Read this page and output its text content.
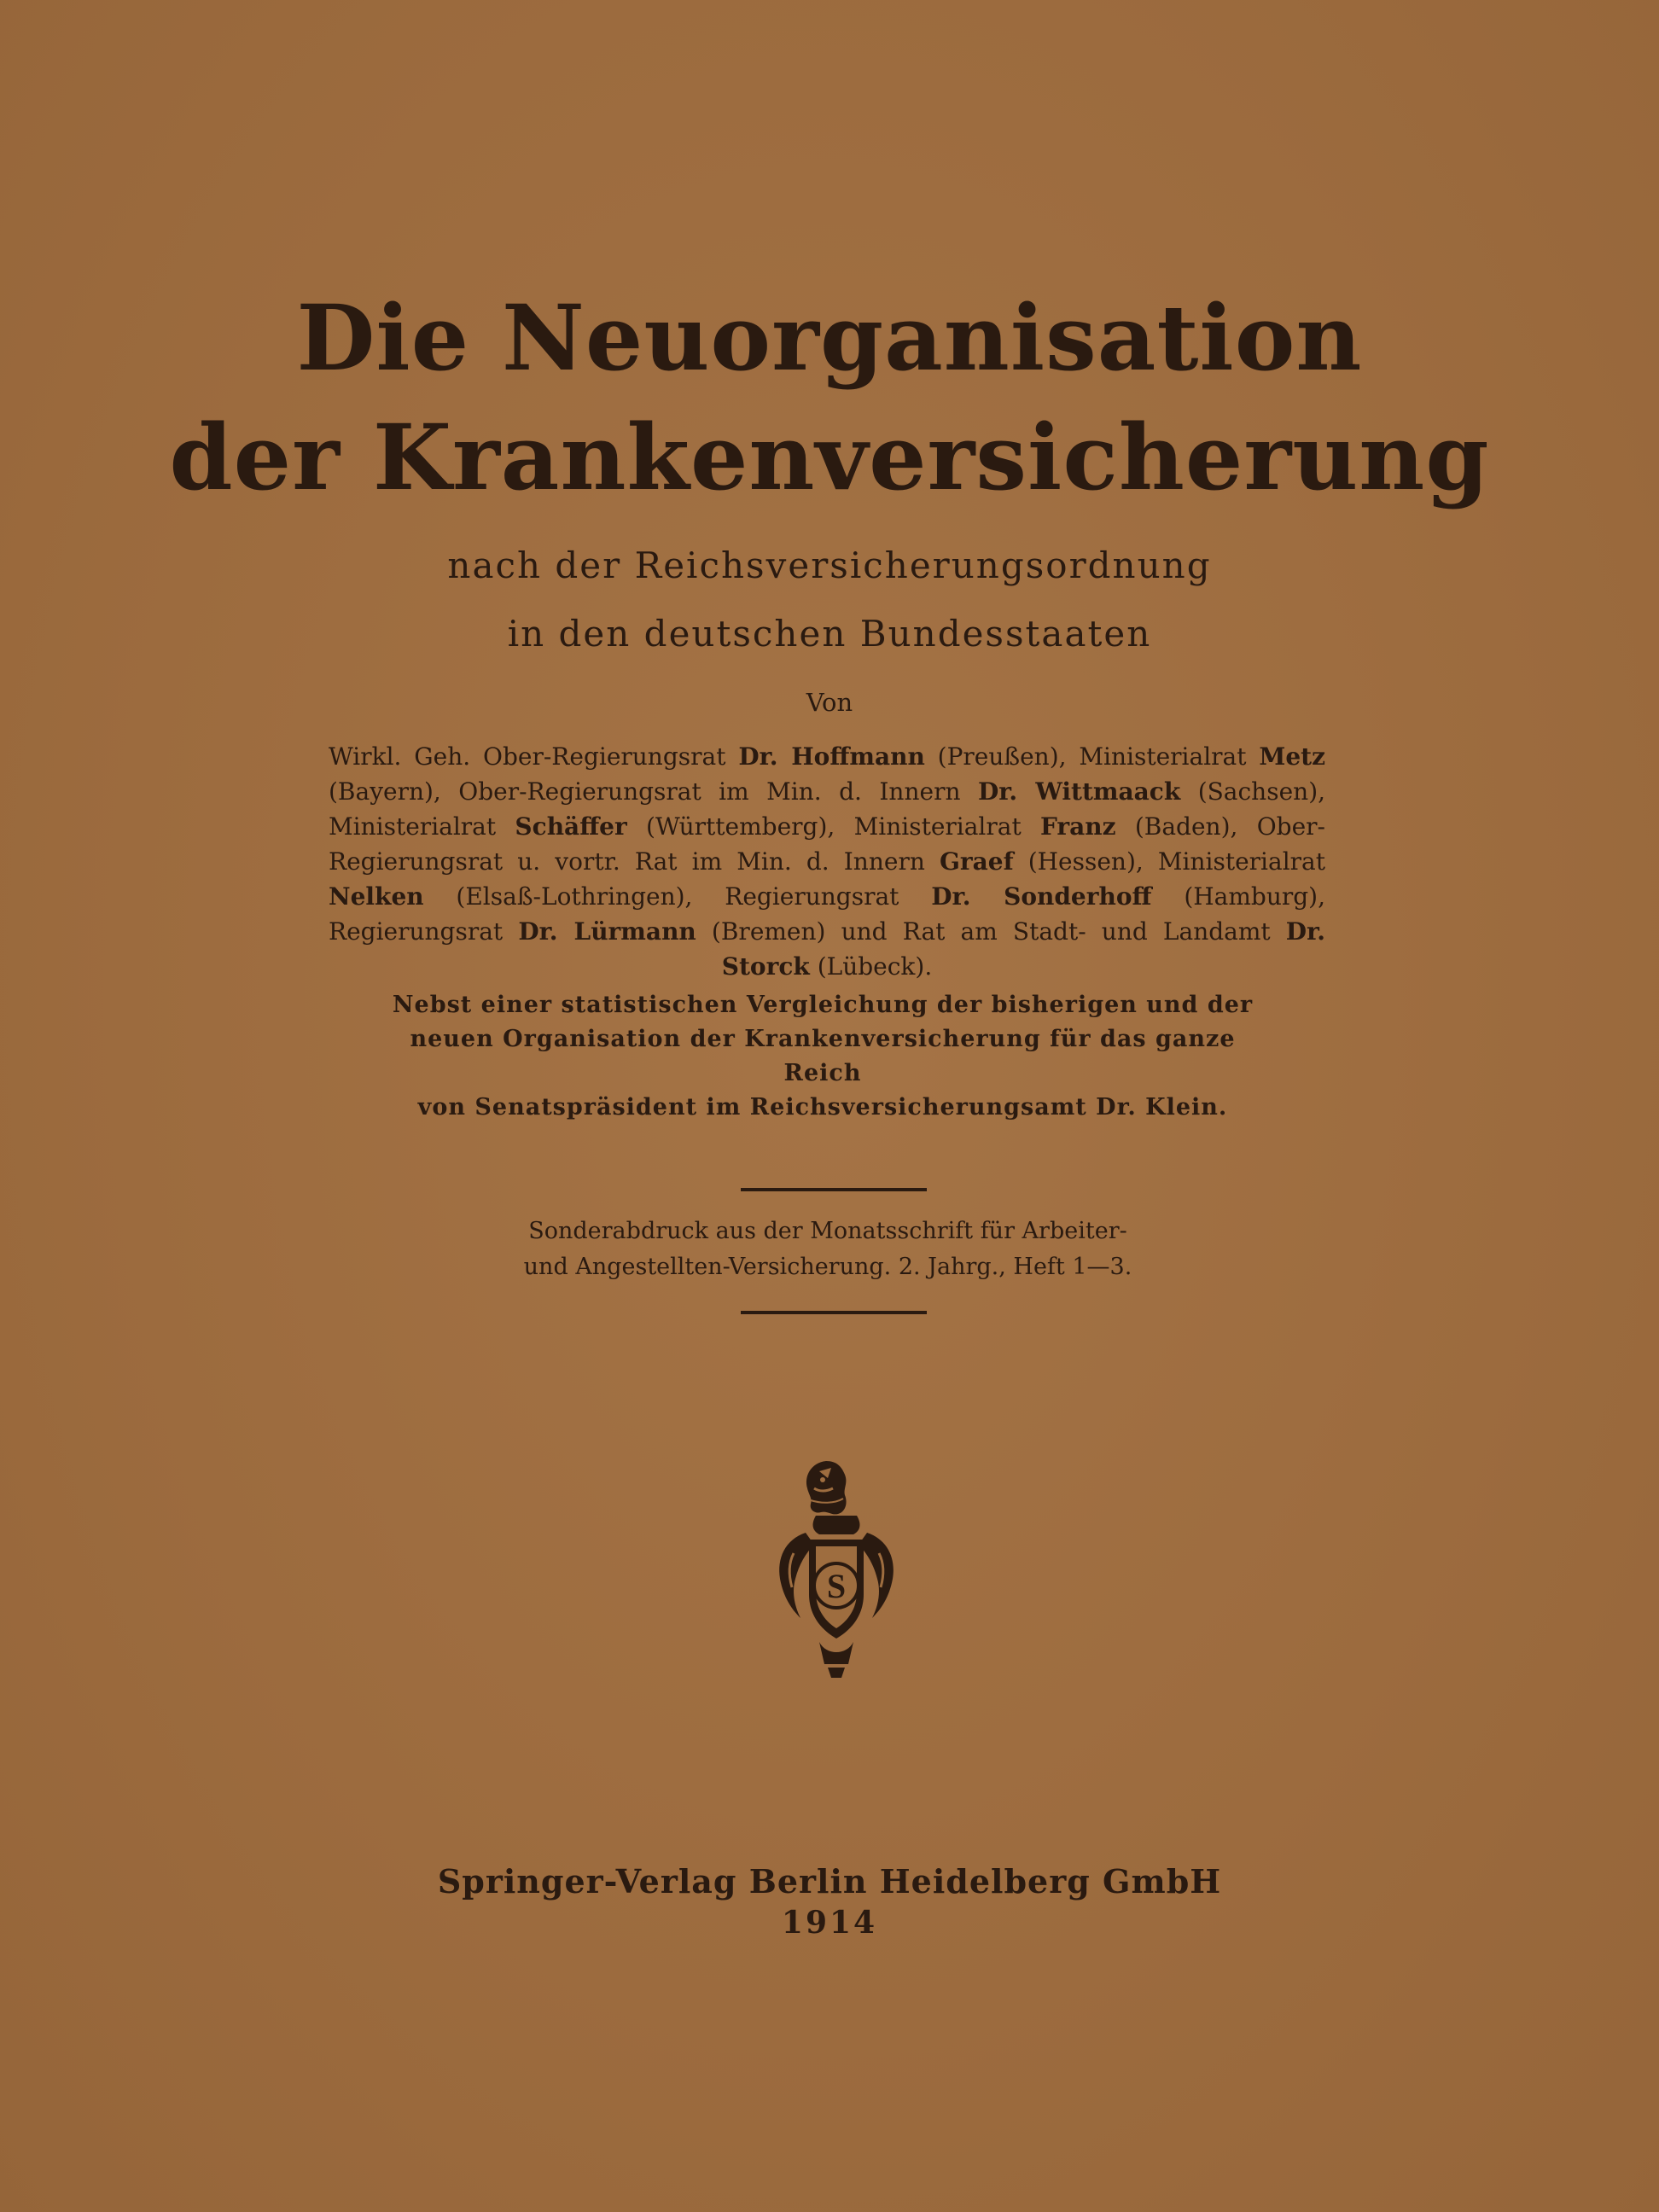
Die Neuorganisation
der Krankenversicherung
nach der Reichsversicherungsordnung
in den deutschen Bundesstaaten
Von
Wirkl. Geh. Ober-Regierungsrat Dr. Hoffmann (Preußen), Ministerialrat Metz (Bayern), Ober-Regierungsrat im Min. d. Innern Dr. Wittmaack (Sachsen), Ministerialrat Schäffer (Württemberg), Ministerialrat Franz (Baden), Ober-Regierungsrat u. vortr. Rat im Min. d. Innern Graef (Hessen), Ministerialrat Nelken (Elsaß-Lothringen), Regierungsrat Dr. Sonderhoff (Hamburg), Regierungsrat Dr. Lürmann (Bremen) und Rat am Stadt- und Landamt Dr. Storck (Lübeck).
Nebst einer statistischen Vergleichung der bisherigen und der
neuen Organisation der Krankenversicherung für das ganze Reich
von Senatspräsident im Reichsversicherungsamt Dr. Klein.
Sonderabdruck aus der Monatsschrift für Arbeiter-
und Angestellten-Versicherung. 2. Jahrg., Heft 1—3.
S
Springer-Verlag Berlin Heidelberg GmbH
1914
